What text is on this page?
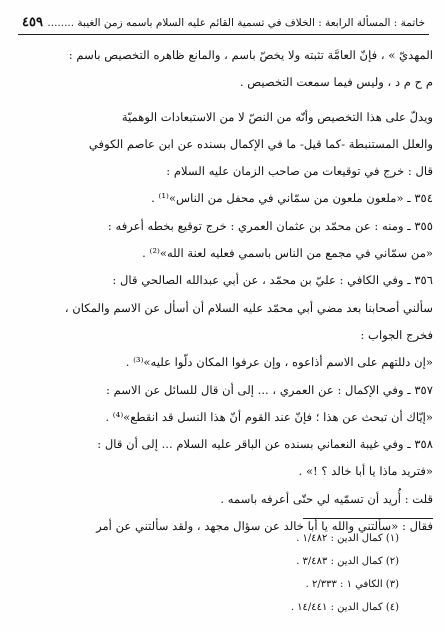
خاتمة : المسألة الرابعة : الخلاف في تسمية القائم عليه السلام باسمه زمن الغيبة ........
٤٥٩
المهديّ » ، فإنّ العامَّة تثبته ولا يخصّ باسم ، والمانع ظاهره التخصيص باسم :
م ح م د ، وليس فيما سمعت التخصيص .
ويدلّ على هذا التخصيص وأنّه من النصّ لا من الاستبعادات الوهميّة
والعلل المستنبطة -كما قيل- ما في الإكمال بسنده عن ابن عاصم الكوفي
قال : خرج في توقيعات من صاحب الزمان عليه السلام :
٣٥٤ ـ «ملعون ملعون من سمّاني في محفل من الناس»⁽¹⁾ .
٣٥٥ ـ ومنه : عن محمّد بن عثمان العمري : خرج توقيع بخطه أعرفه :
«من سمّاني في مجمع من الناس باسمي فعليه لعنة الله»⁽²⁾ .
٣٥٦ ـ وفي الكافي : عليّ بن محمّد ، عن أبي عبدالله الصالحي قال :
سألني أصحابنا بعد مضي أبي محمّد عليه السلام أن أسأل عن الاسم والمكان ،
فخرج الجواب :
«إن دللتهم على الاسم أذاعوه ، وإن عرفوا المكان دلّوا عليه»⁽³⁾ .
٣٥٧ ـ وفي الإكمال : عن العمري ، ... إلى أن قال للسائل عن الاسم :
«إيّاك أن تبحث عن هذا ؛ فإنّ عند القوم أنّ هذا النسل قد انقطع»⁽⁴⁾ .
٣٥٨ ـ وفي غيبة النعماني بسنده عن الباقر عليه السلام ... إلى أن قال :
«فتريد ماذا يا أبا خالد ؟ !» .
قلت : أُريد أن تسمّيه لي حتّى أعرفه باسمه .
فقال : «سألتني والله يا أبا خالد عن سؤال مجهد ، ولقد سألتني عن أمر
(١) كمال الدين : ١/٤٨٢ .
(٢) كمال الدين : ٣/٤٨٣ .
(٣) الكافي ١ : ٢/٣٣٣ .
(٤) كمال الدين : ١٤/٤٤١ .
